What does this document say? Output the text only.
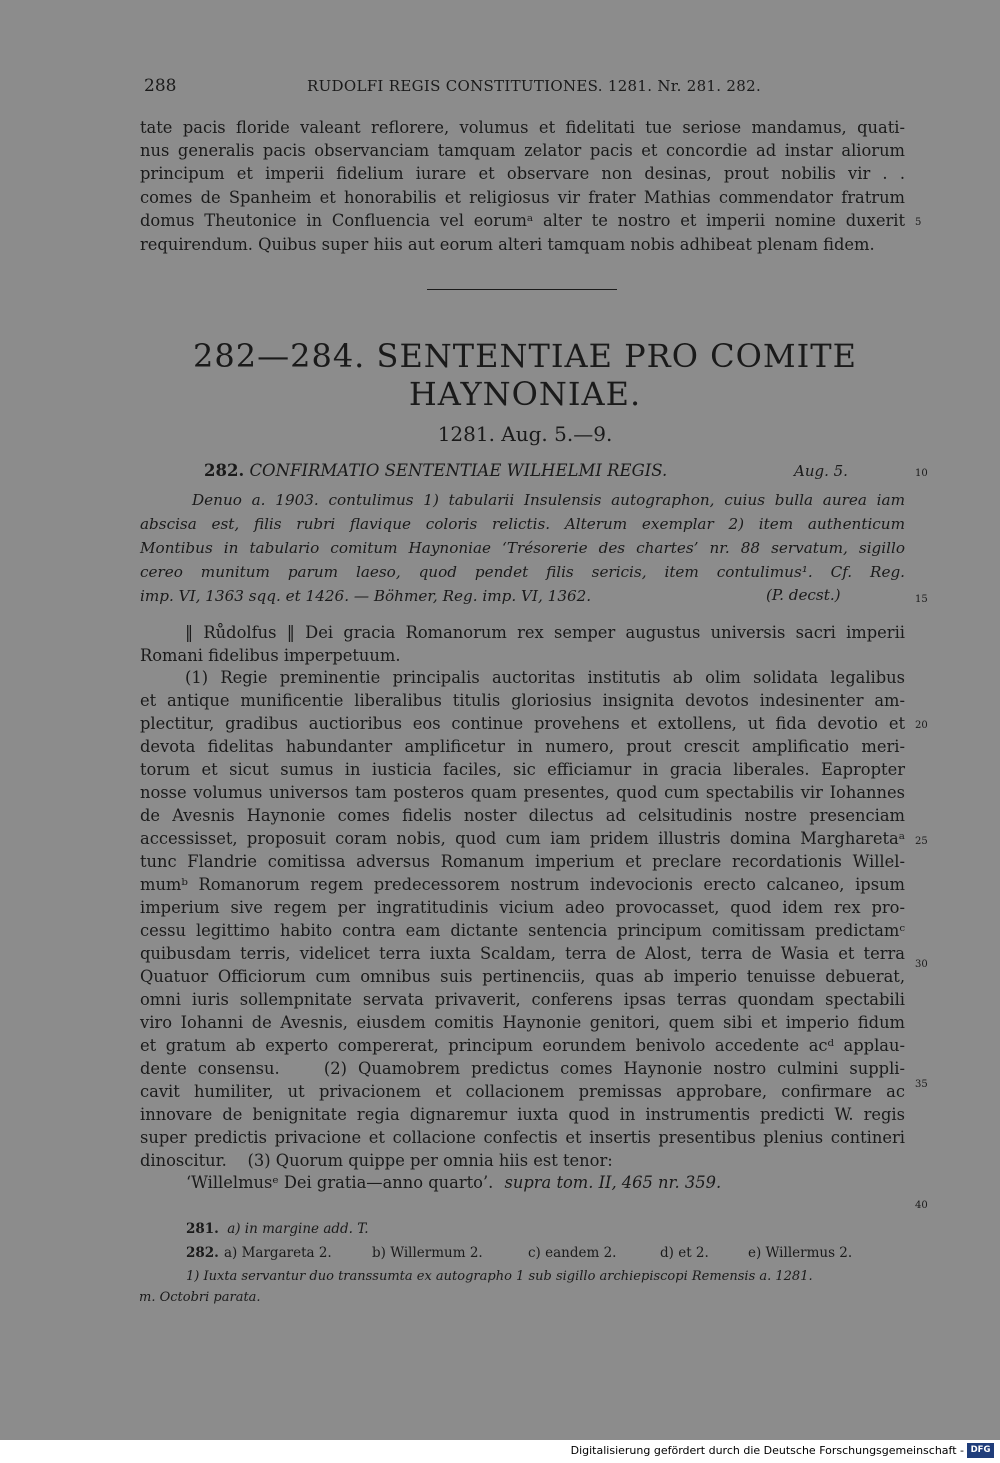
288	RUDOLFI REGIS CONSTITUTIONES. 1281. Nr. 281. 282.
tate pacis floride valeant reflorere, volumus et fidelitati tue seriose mandamus, quati-
nus generalis pacis observanciam tamquam zelator pacis et concordie ad instar aliorum
principum et imperii fidelium iurare et observare non desinas, prout nobilis vir . .
comes de Spanheim et honorabilis et religiosus vir frater Mathias commendator fratrum
domus Theutonice in Confluencia vel eorumᵃ alter te nostro et imperii nomine duxerit
requirendum. Quibus super hiis aut eorum alteri tamquam nobis adhibeat plenam fidem.
5
282—284. SENTENTIAE PRO COMITE
HAYNONIAE.
1281. Aug. 5.—9.
282. CONFIRMATIO SENTENTIAE WILHELMI REGIS.	Aug. 5.	10
Denuo a. 1903. contulimus 1) tabularii Insulensis autographon, cuius bulla aurea iam
abscisa est, filis rubri flavique coloris relictis. Alterum exemplar 2) item authenticum
Montibus in tabulario comitum Haynoniae ‘Trésorerie des chartes’ nr. 88 servatum, sigillo
cereo munitum parum laeso, quod pendet filis sericis, item contulimus¹. Cf. Reg.
imp. VI, 1363 sqq. et 1426. — Böhmer, Reg. imp. VI, 1362.	(P. decst.)	15
‖ Růdolfus ‖ Dei gracia Romanorum rex semper augustus universis sacri imperii
Romani fidelibus imperpetuum.
(1) Regie preminentie principalis auctoritas institutis ab olim solidata legalibus
et antique munificentie liberalibus titulis gloriosius insignita devotos indesinenter am-
plectitur, gradibus auctioribus eos continue provehens et extollens, ut fida devotio et
devota fidelitas habundanter amplificetur in numero, prout crescit amplificatio meri-
torum et sicut sumus in iusticia faciles, sic efficiamur in gracia liberales. Eapropter
nosse volumus universos tam posteros quam presentes, quod cum spectabilis vir Iohannes
de Avesnis Haynonie comes fidelis noster dilectus ad celsitudinis nostre presenciam
accessisset, proposuit coram nobis, quod cum iam pridem illustris domina Margharetaᵃ
tunc Flandrie comitissa adversus Romanum imperium et preclare recordationis Willel-
mumᵇ Romanorum regem predecessorem nostrum indevocionis erecto calcaneo, ipsum
imperium sive regem per ingratitudinis vicium adeo provocasset, quod idem rex pro-
cessu legittimo habito contra eam dictante sentencia principum comitissam predictamᶜ
quibusdam terris, videlicet terra iuxta Scaldam, terra de Alost, terra de Wasia et terra
Quatuor Officiorum cum omnibus suis pertinenciis, quas ab imperio tenuisse debuerat,
omni iuris sollempnitate servata privaverit, conferens ipsas terras quondam spectabili
viro Iohanni de Avesnis, eiusdem comitis Haynonie genitori, quem sibi et imperio fidum
et gratum ab experto compererat, principum eorundem benivolo accedente acᵈ applau-
dente consensu.    (2) Quamobrem predictus comes Haynonie nostro culmini suppli-
cavit humiliter, ut privacionem et collacionem premissas approbare, confirmare ac
innovare de benignitate regia dignaremur iuxta quod in instrumentis predicti W. regis
super predictis privacione et collacione confectis et insertis presentibus plenius contineri
dinoscitur.    (3) Quorum quippe per omnia hiis est tenor:
‘Willelmusᵉ Dei gratia—anno quarto’. supra tom. II, 465 nr. 359.
20
25
30
35
40
281. a) in margine add. T.
282. a) Margareta 2.	b) Willermum 2.	c) eandem 2.	d) et 2.	e) Willermus 2.
1) Iuxta servantur duo transsumta ex autographo 1 sub sigillo archiepiscopi Remensis a. 1281.
m. Octobri parata.
Digitalisierung gefördert durch die Deutsche Forschungsgemeinschaft - DFG
